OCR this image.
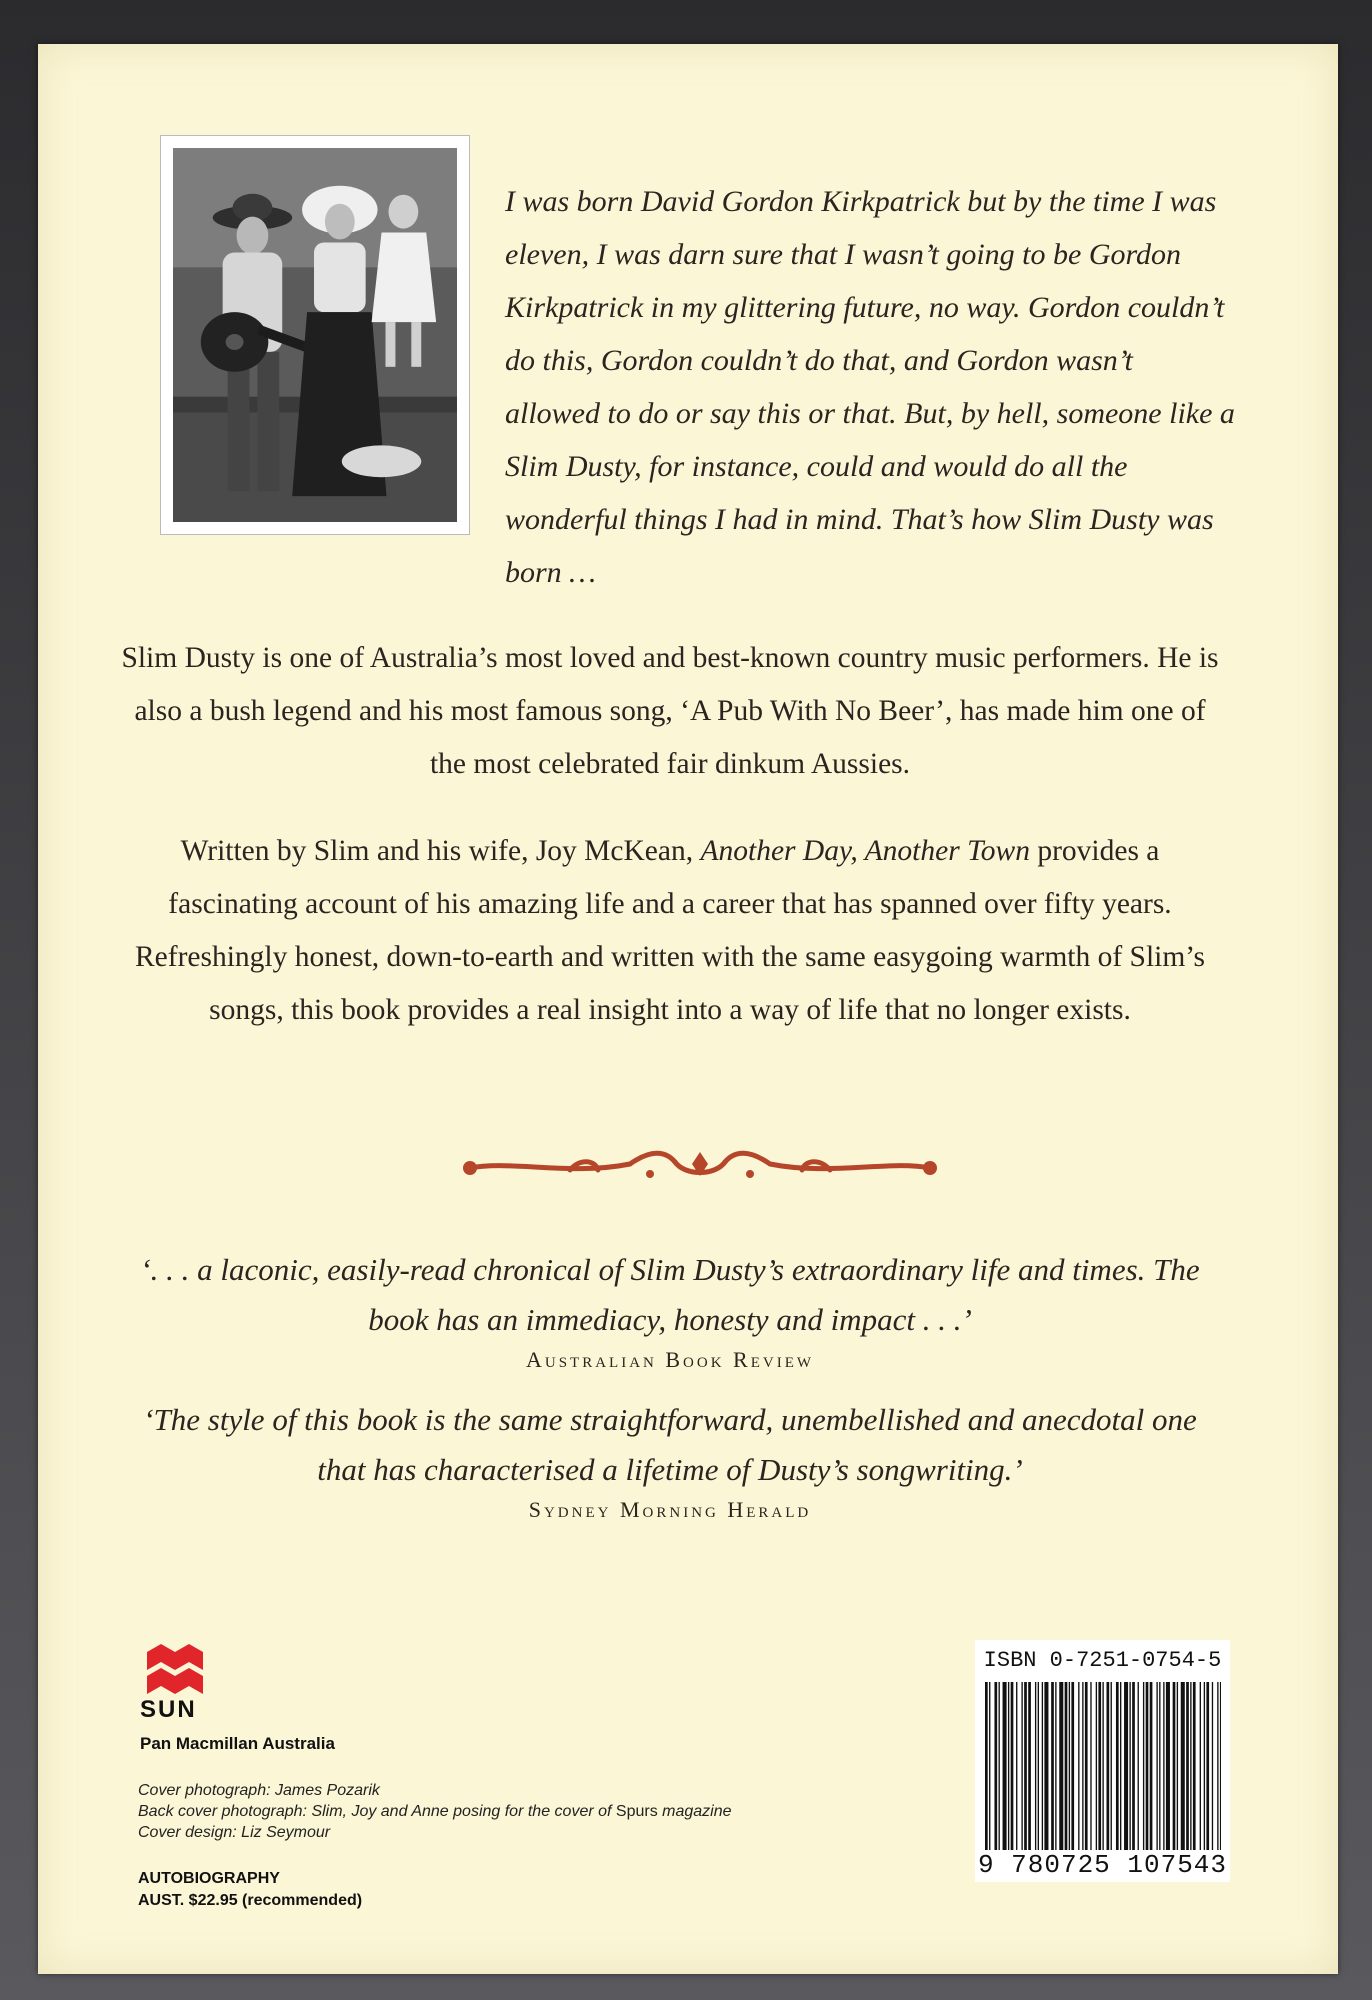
I was born David Gordon Kirkpatrick but by the time I was eleven, I was darn sure that I wasn’t going to be Gordon Kirkpatrick in my glittering future, no way. Gordon couldn’t do this, Gordon couldn’t do that, and Gordon wasn’t allowed to do or say this or that. But, by hell, someone like a Slim Dusty, for instance, could and would do all the wonderful things I had in mind. That’s how Slim Dusty was born …

Slim Dusty is one of Australia’s most loved and best-known country music performers. He is also a bush legend and his most famous song, ‘A Pub With No Beer’, has made him one of the most celebrated fair dinkum Aussies.

Written by Slim and his wife, Joy McKean, Another Day, Another Town provides a fascinating account of his amazing life and a career that has spanned over fifty years. Refreshingly honest, down-to-earth and written with the same easygoing warmth of Slim’s songs, this book provides a real insight into a way of life that no longer exists.

‘. . . a laconic, easily-read chronical of Slim Dusty’s extraordinary life and times. The book has an immediacy, honesty and impact . . .’
Australian Book Review

‘The style of this book is the same straightforward, unembellished and anecdotal one that has characterised a lifetime of Dusty’s songwriting.’
Sydney Morning Herald

SUN
Pan Macmillan Australia
Cover photograph: James Pozarik
Back cover photograph: Slim, Joy and Anne posing for the cover of Spurs magazine
Cover design: Liz Seymour
AUTOBIOGRAPHY
AUST. $22.95 (recommended)
ISBN 0-7251-0754-5
9 780725 107543
